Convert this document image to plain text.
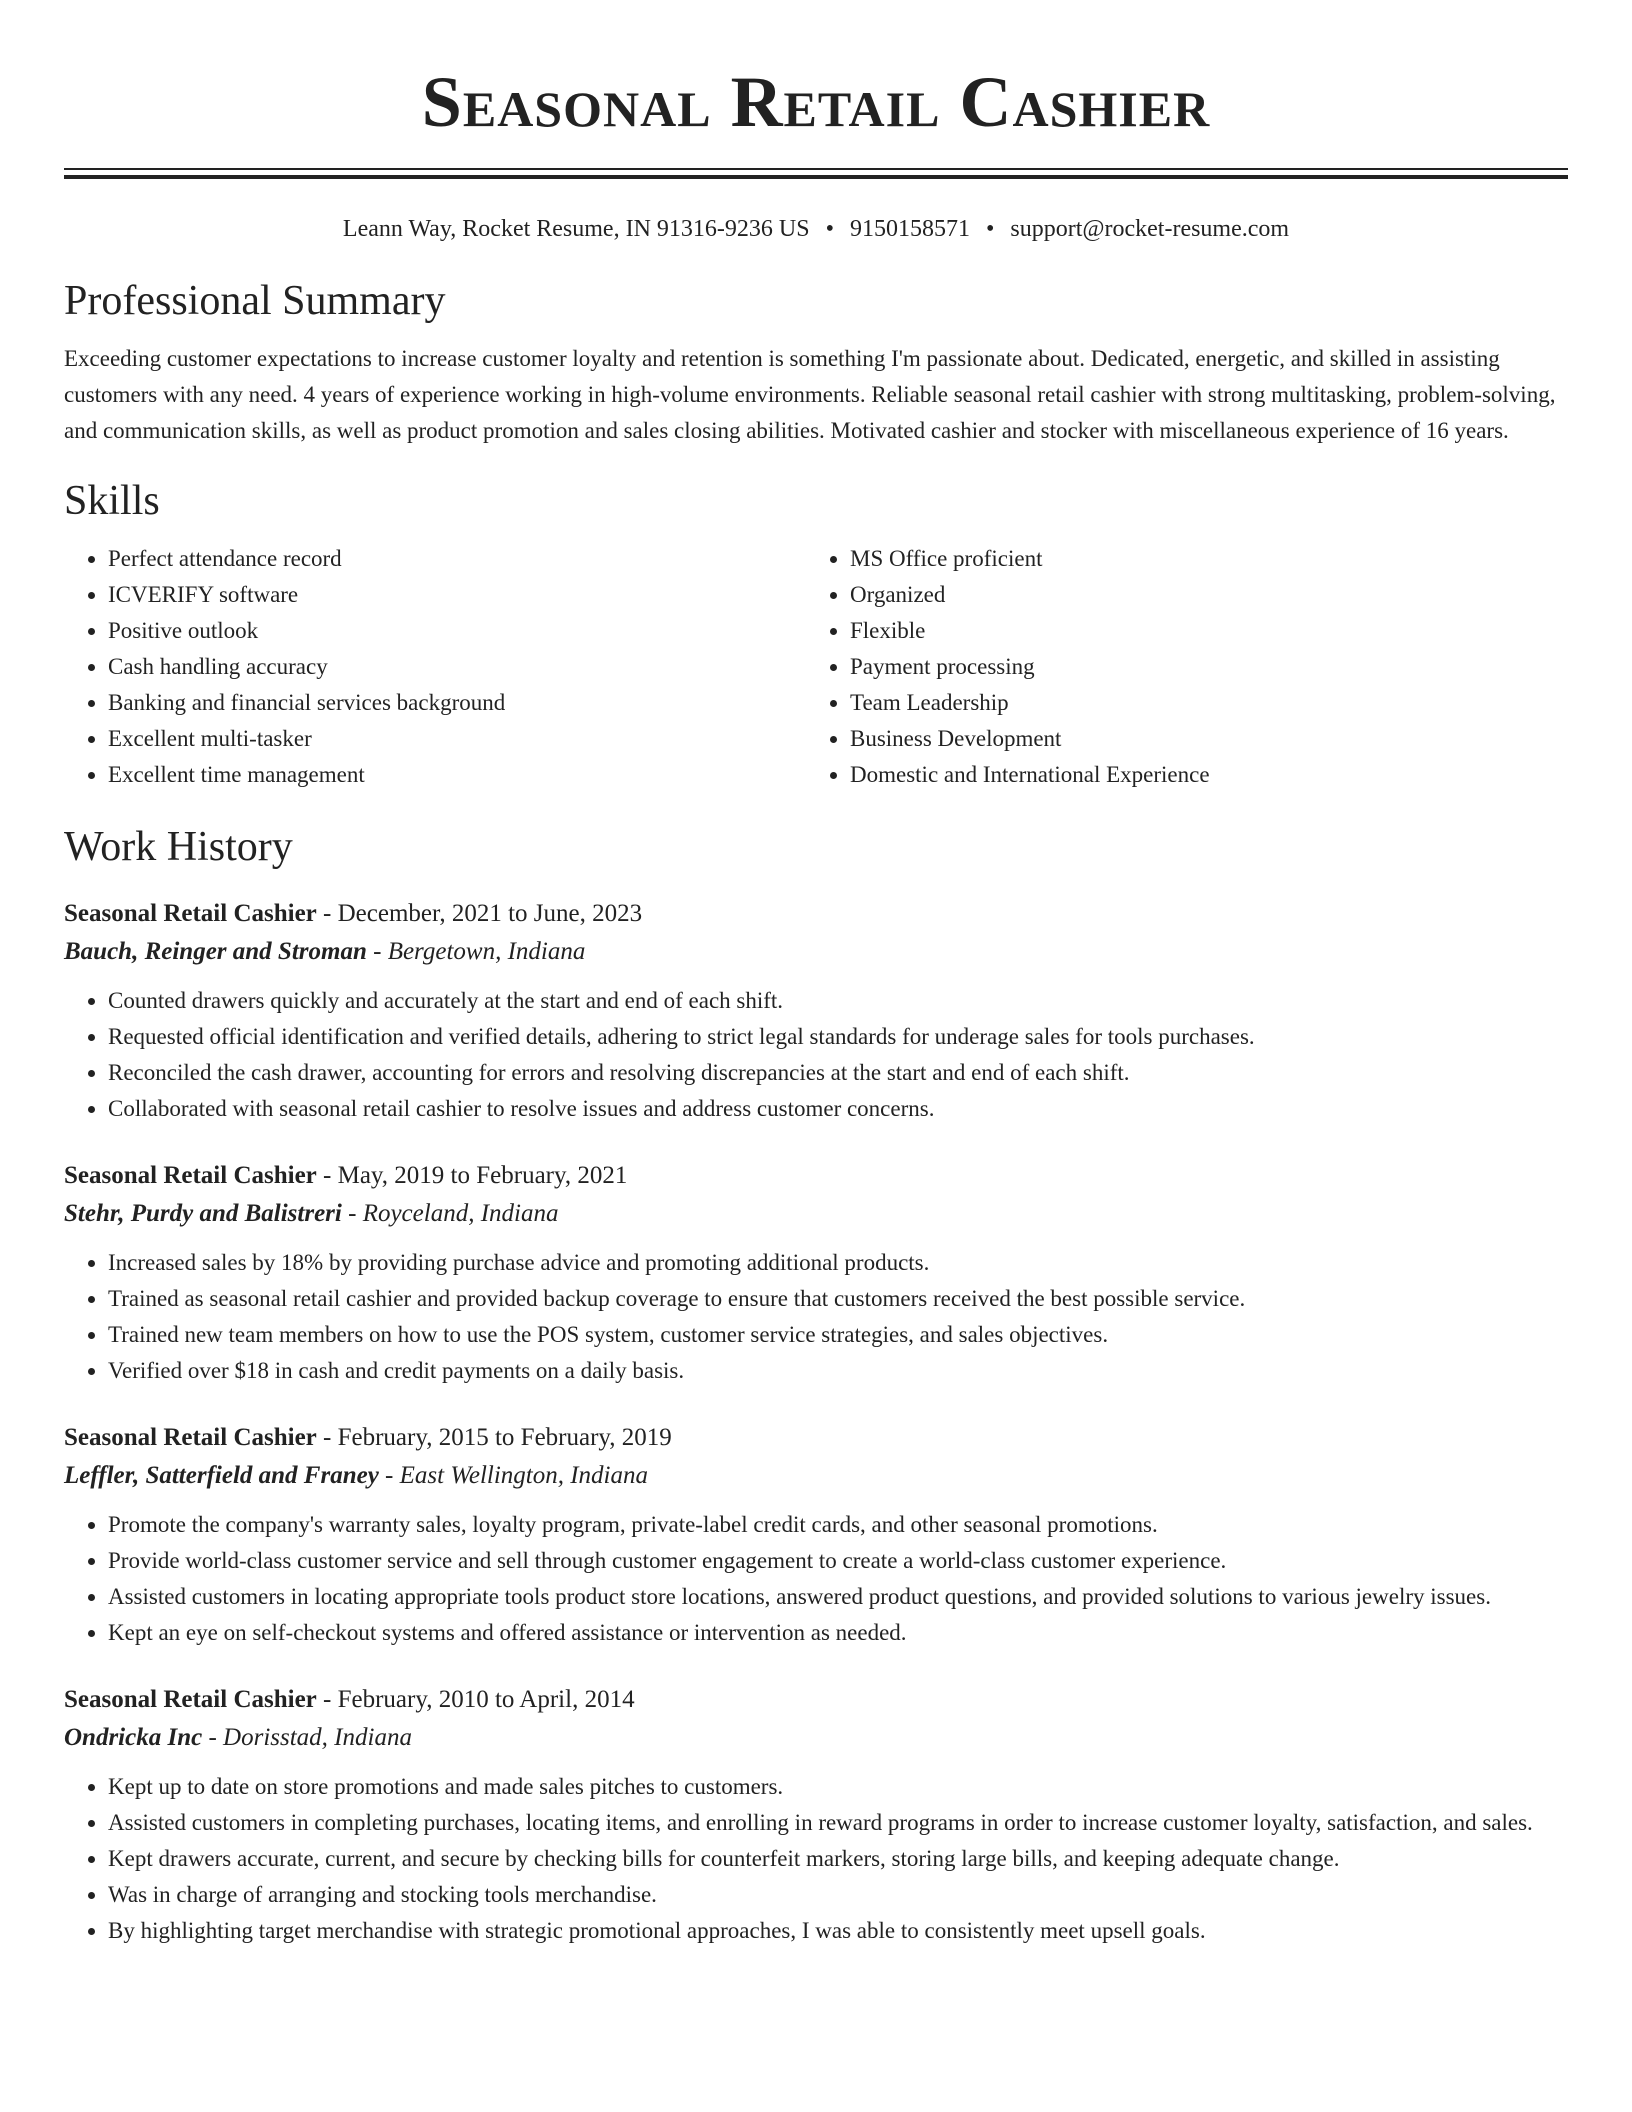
Seasonal Retail Cashier
Leann Way, Rocket Resume, IN 91316-9236 US • 9150158571 • support@rocket-resume.com
Professional Summary

Exceeding customer expectations to increase customer loyalty and retention is something I'm passionate about. Dedicated, energetic, and skilled in assisting customers with any need. 4 years of experience working in high-volume environments. Reliable seasonal retail cashier with strong multitasking, problem-solving, and communication skills, as well as product promotion and sales closing abilities. Motivated cashier and stocker with miscellaneous experience of 16 years.

Skills
• Perfect attendance record
• ICVERIFY software
• Positive outlook
• Cash handling accuracy
• Banking and financial services background
• Excellent multi-tasker
• Excellent time management
• MS Office proficient
• Organized
• Flexible
• Payment processing
• Team Leadership
• Business Development
• Domestic and International Experience
Work History
Seasonal Retail Cashier - December, 2021 to June, 2023
Bauch, Reinger and Stroman - Bergetown, Indiana
• Counted drawers quickly and accurately at the start and end of each shift.
• Requested official identification and verified details, adhering to strict legal standards for underage sales for tools purchases.
• Reconciled the cash drawer, accounting for errors and resolving discrepancies at the start and end of each shift.
• Collaborated with seasonal retail cashier to resolve issues and address customer concerns.
Seasonal Retail Cashier - May, 2019 to February, 2021
Stehr, Purdy and Balistreri - Royceland, Indiana
• Increased sales by 18% by providing purchase advice and promoting additional products.
• Trained as seasonal retail cashier and provided backup coverage to ensure that customers received the best possible service.
• Trained new team members on how to use the POS system, customer service strategies, and sales objectives.
• Verified over $18 in cash and credit payments on a daily basis.
Seasonal Retail Cashier - February, 2015 to February, 2019
Leffler, Satterfield and Franey - East Wellington, Indiana
• Promote the company's warranty sales, loyalty program, private-label credit cards, and other seasonal promotions.
• Provide world-class customer service and sell through customer engagement to create a world-class customer experience.
• Assisted customers in locating appropriate tools product store locations, answered product questions, and provided solutions to various jewelry issues.
• Kept an eye on self-checkout systems and offered assistance or intervention as needed.
Seasonal Retail Cashier - February, 2010 to April, 2014
Ondricka Inc - Dorisstad, Indiana
• Kept up to date on store promotions and made sales pitches to customers.
• Assisted customers in completing purchases, locating items, and enrolling in reward programs in order to increase customer loyalty, satisfaction, and sales.
• Kept drawers accurate, current, and secure by checking bills for counterfeit markers, storing large bills, and keeping adequate change.
• Was in charge of arranging and stocking tools merchandise.
• By highlighting target merchandise with strategic promotional approaches, I was able to consistently meet upsell goals.
